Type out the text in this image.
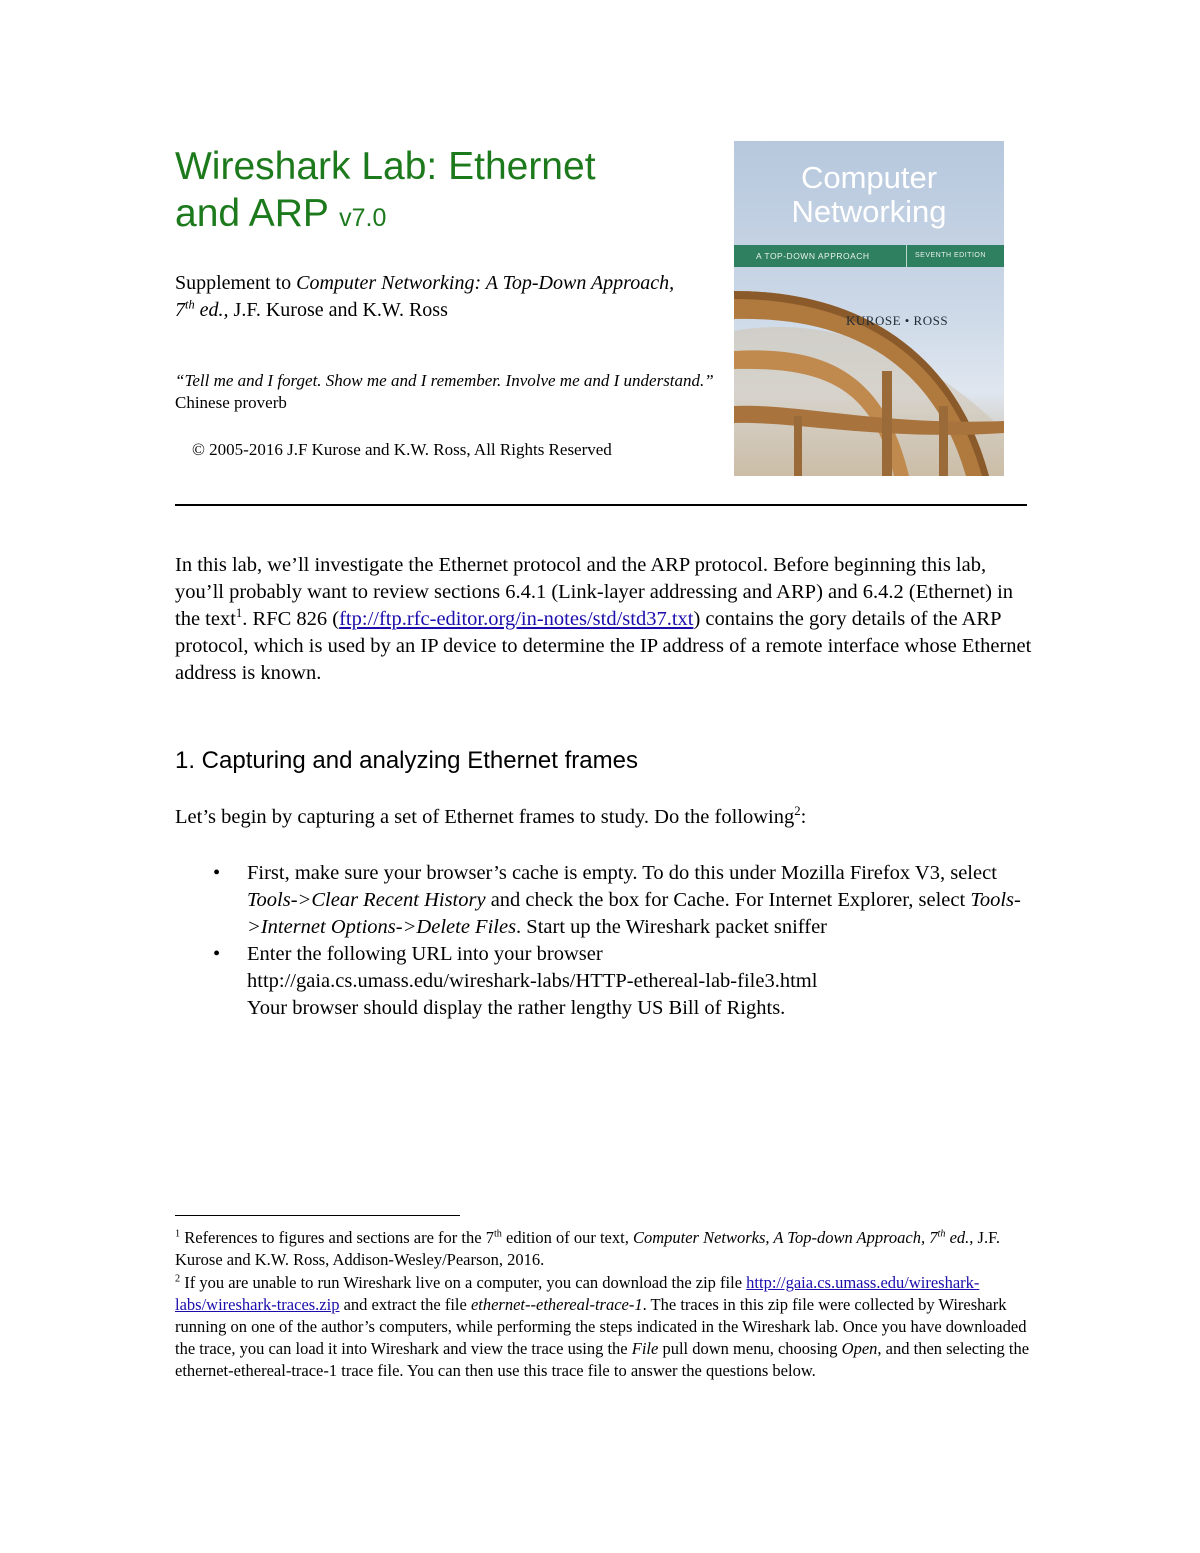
Wireshark Lab: Ethernet
and ARP v7.0
Supplement to Computer Networking: A Top-Down Approach, 7th ed., J.F. Kurose and K.W. Ross
“Tell me and I forget. Show me and I remember. Involve me and I understand.” Chinese proverb
© 2005-2016 J.F Kurose and K.W. Ross, All Rights Reserved
Computer Networking
A TOP-DOWN APPROACH	SEVENTH EDITION
KUROSE • ROSS
In this lab, we’ll investigate the Ethernet protocol and the ARP protocol. Before beginning this lab, you’ll probably want to review sections 6.4.1 (Link-layer addressing and ARP) and 6.4.2 (Ethernet) in the text$^1$. RFC 826 (ftp://ftp.rfc-editor.org/in-notes/std/std37.txt) contains the gory details of the ARP protocol, which is used by an IP device to determine the IP address of a remote interface whose Ethernet address is known.
1. Capturing and analyzing Ethernet frames
Let’s begin by capturing a set of Ethernet frames to study. Do the following$^2$:
• First, make sure your browser’s cache is empty. To do this under Mozilla Firefox V3, select Tools->Clear Recent History and check the box for Cache. For Internet Explorer, select Tools->Internet Options->Delete Files. Start up the Wireshark packet sniffer
• Enter the following URL into your browser
http://gaia.cs.umass.edu/wireshark-labs/HTTP-ethereal-lab-file3.html
Your browser should display the rather lengthy US Bill of Rights.
$^1$ References to figures and sections are for the 7th edition of our text, Computer Networks, A Top-down Approach, 7th ed., J.F. Kurose and K.W. Ross, Addison-Wesley/Pearson, 2016.
$^2$ If you are unable to run Wireshark live on a computer, you can download the zip file http://gaia.cs.umass.edu/wireshark-labs/wireshark-traces.zip and extract the file ethernet--ethereal-trace-1. The traces in this zip file were collected by Wireshark running on one of the author’s computers, while performing the steps indicated in the Wireshark lab. Once you have downloaded the trace, you can load it into Wireshark and view the trace using the File pull down menu, choosing Open, and then selecting the ethernet-ethereal-trace-1 trace file. You can then use this trace file to answer the questions below.
